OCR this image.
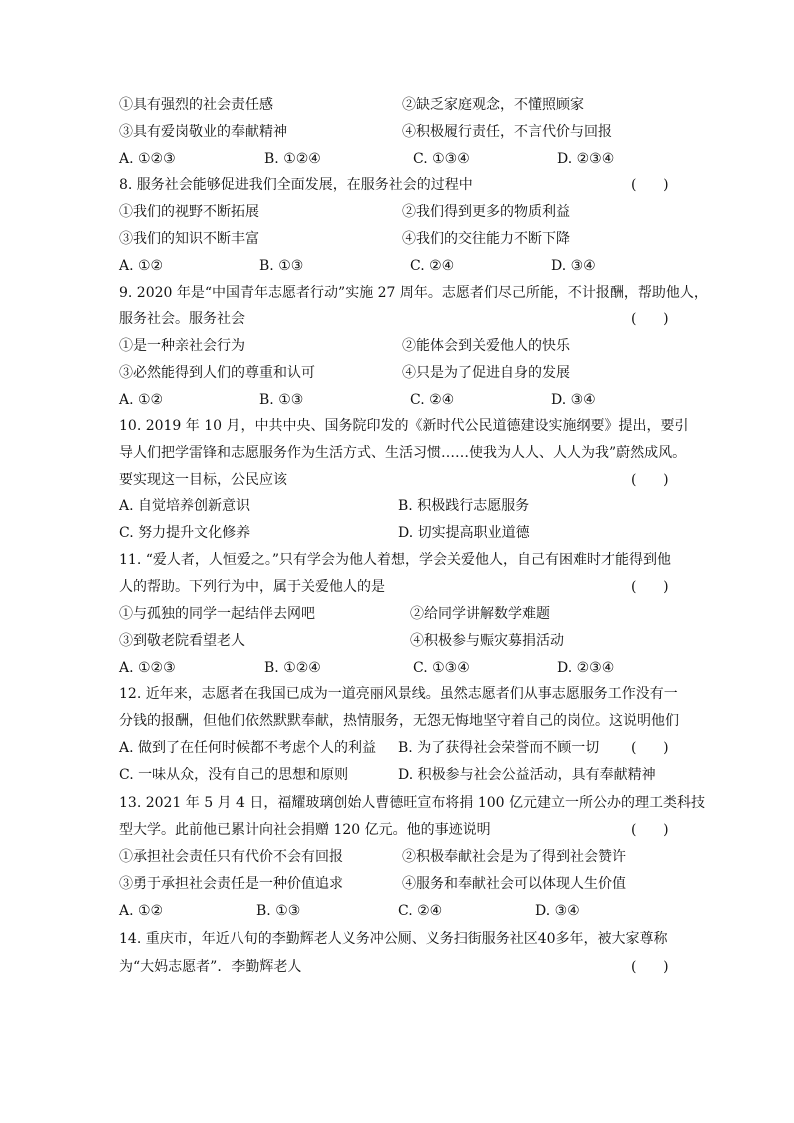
①具有强烈的社会责任感	②缺乏家庭观念，不懂照顾家
③具有爱岗敬业的奉献精神	④积极履行责任，不言代价与回报
A. ①②③	B. ①②④	C. ①③④	D. ②③④
8. 服务社会能够促进我们全面发展，在服务社会的过程中	(      )
①我们的视野不断拓展	②我们得到更多的物质利益
③我们的知识不断丰富	④我们的交往能力不断下降
A. ①②	B. ①③	C. ②④	D. ③④
9. 2020 年是“中国青年志愿者行动”实施 27 周年。志愿者们尽己所能，不计报酬，帮助他人，
服务社会。服务社会	(      )
①是一种亲社会行为	②能体会到关爱他人的快乐
③必然能得到人们的尊重和认可	④只是为了促进自身的发展
A. ①②	B. ①③	C. ②④	D. ③④
10. 2019 年 10 月，中共中央、国务院印发的《新时代公民道德建设实施纲要》提出，要引
导人们把学雷锋和志愿服务作为生活方式、生活习惯……使我为人人、人人为我”蔚然成风。
要实现这一目标，公民应该	(      )
A. 自觉培养创新意识	B. 积极践行志愿服务
C. 努力提升文化修养	D. 切实提高职业道德
11. “爱人者，人恒爱之。”只有学会为他人着想，学会关爱他人，自己有困难时才能得到他
人的帮助。下列行为中，属于关爱他人的是	(      )
①与孤独的同学一起结伴去网吧	②给同学讲解数学难题
③到敬老院看望老人	④积极参与赈灾募捐活动
A. ①②③	B. ①②④	C. ①③④	D. ②③④
12. 近年来，志愿者在我国已成为一道亮丽风景线。虽然志愿者们从事志愿服务工作没有一
分钱的报酬，但他们依然默默奉献，热情服务，无怨无悔地坚守着自己的岗位。这说明他们
A. 做到了在任何时候都不考虑个人的利益 B. 为了获得社会荣誉而不顾一切 (      )
C. 一味从众，没有自己的思想和原则	D. 积极参与社会公益活动，具有奉献精神
13. 2021 年 5 月 4 日，福耀玻璃创始人曹德旺宣布将捐 100 亿元建立一所公办的理工类科技
型大学。此前他已累计向社会捐赠 120 亿元。他的事迹说明	(      )
①承担社会责任只有代价不会有回报	②积极奉献社会是为了得到社会赞许
③勇于承担社会责任是一种价值追求	④服务和奉献社会可以体现人生价值
A. ①②	B. ①③	C. ②④	D. ③④
14. 重庆市，年近八旬的李勤辉老人义务冲公厕、义务扫街服务社区40多年，被大家尊称
为“大妈志愿者”．李勤辉老人	(      )
